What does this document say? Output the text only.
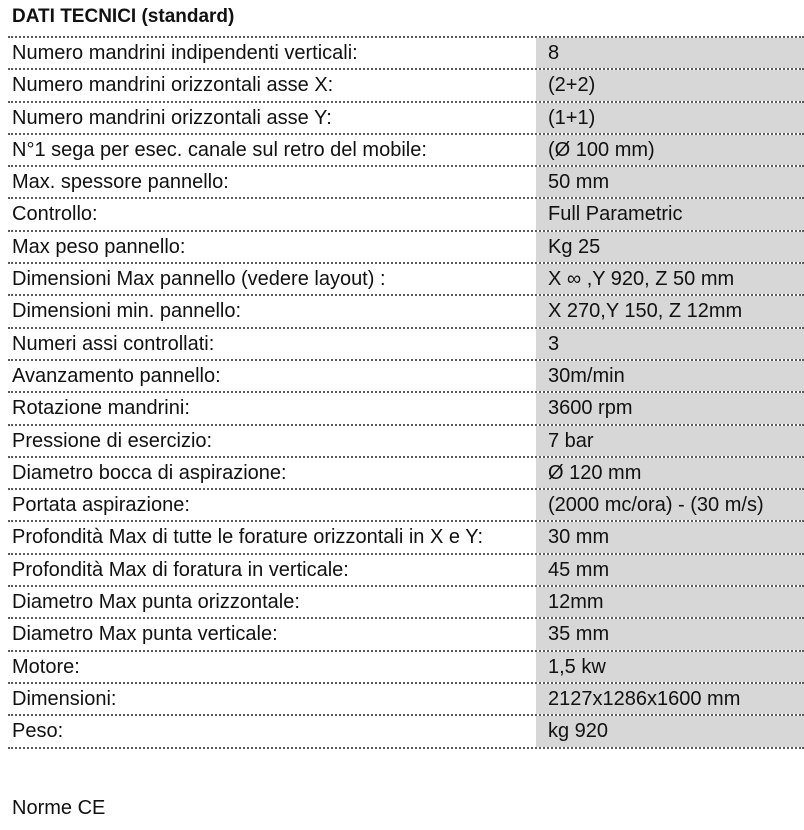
DATI TECNICI (standard)
Numero mandrini indipendenti verticali:	8
Numero mandrini orizzontali asse X:	(2+2)
Numero mandrini orizzontali asse Y:	(1+1)
N°1 sega per esec. canale sul retro del mobile:	(Ø 100 mm)
Max. spessore pannello:	50 mm
Controllo:	Full Parametric
Max peso pannello:	Kg 25
Dimensioni Max pannello (vedere layout) :	X ∞ ,Y 920, Z 50 mm
Dimensioni min. pannello:	X 270,Y 150, Z 12mm
Numeri assi controllati:	3
Avanzamento pannello:	30m/min
Rotazione mandrini:	3600 rpm
Pressione di esercizio:	7 bar
Diametro bocca di aspirazione:	Ø 120 mm
Portata aspirazione:	(2000 mc/ora) - (30 m/s)
Profondità Max di tutte le forature orizzontali in X e Y:	30 mm
Profondità Max di foratura in verticale:	45 mm
Diametro Max punta orizzontale:	12mm
Diametro Max punta verticale:	35 mm
Motore:	1,5 kw
Dimensioni:	2127x1286x1600 mm
Peso:	kg 920
Norme CE
